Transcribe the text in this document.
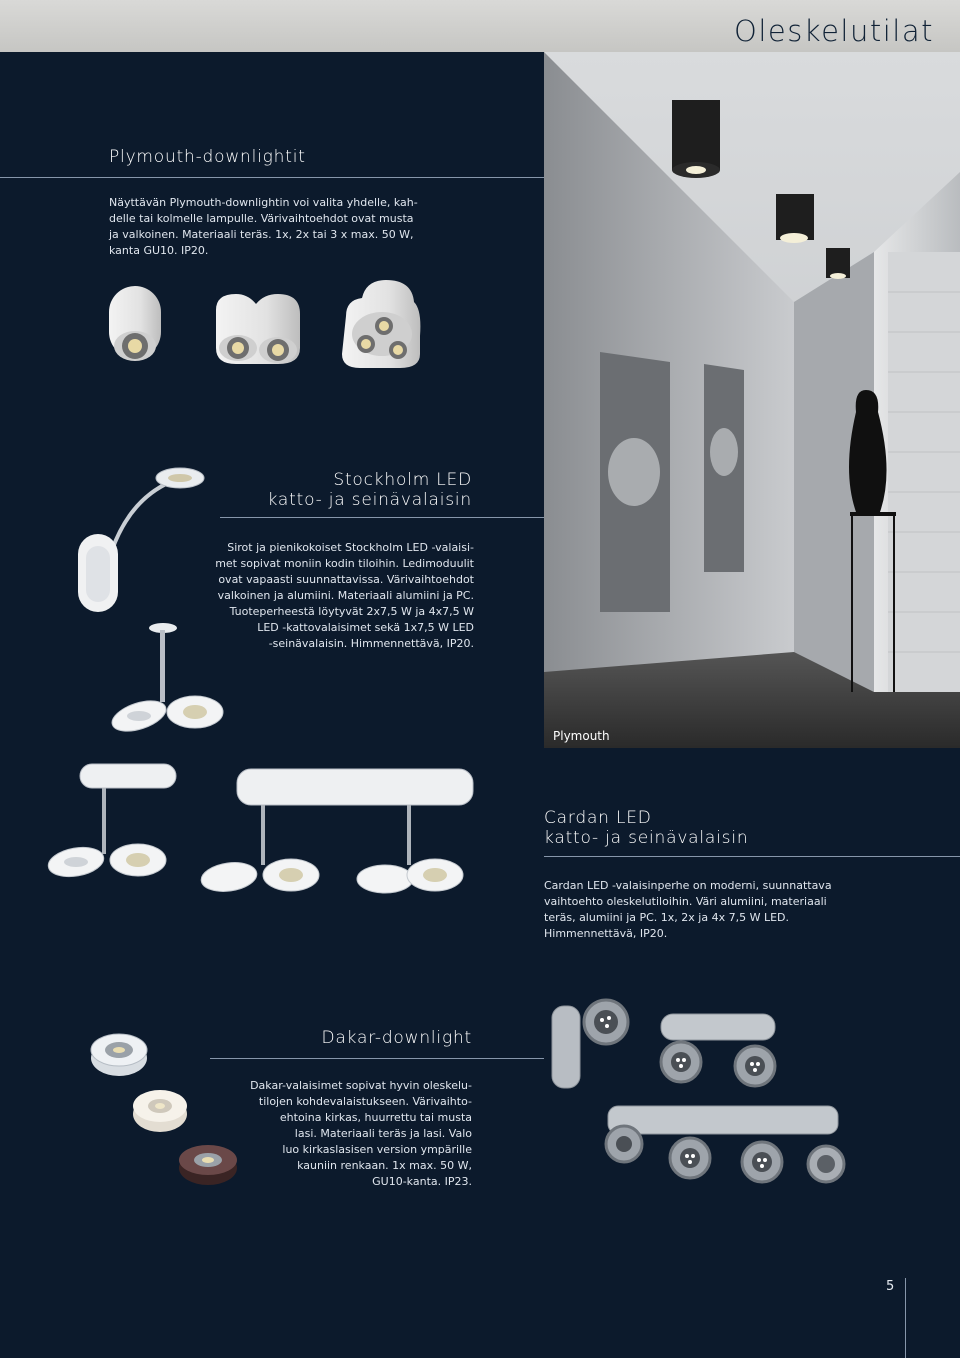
Oleskelutilat
Plymouth-downlightit
Näyttävän Plymouth-downlightin voi valita yhdelle, kah-
delle tai kolmelle lampulle. Värivaihtoehdot ovat musta
ja valkoinen. Materiaali teräs. 1x, 2x tai 3 x max. 50 W,
kanta GU10. IP20.
Stockholm LED
katto- ja seinävalaisin
Sirot ja pienikokoiset Stockholm LED -valaisi-
met sopivat moniin kodin tiloihin. Ledimoduulit
ovat vapaasti suunnattavissa. Värivaihtoehdot
valkoinen ja alumiini. Materiaali alumiini ja PC.
Tuoteperheestä löytyvät 2x7,5 W ja 4x7,5 W
LED -kattovalaisimet sekä 1x7,5 W LED
-seinävalaisin. Himmennettävä, IP20.
Plymouth
Cardan LED
katto- ja seinävalaisin
Cardan LED -valaisinperhe on moderni, suunnattava
vaihtoehto oleskelutiloihin. Väri alumiini, materiaali
teräs, alumiini ja PC. 1x, 2x ja 4x 7,5 W LED.
Himmennettävä, IP20.
Dakar-downlight
Dakar-valaisimet sopivat hyvin oleskelu-
tilojen kohdevalaistukseen. Värivaihto-
ehtoina kirkas, huurrettu tai musta
lasi. Materiaali teräs ja lasi. Valo
luo kirkaslasisen version ympärille
kauniin renkaan. 1x max. 50 W,
GU10-kanta. IP23.
5
